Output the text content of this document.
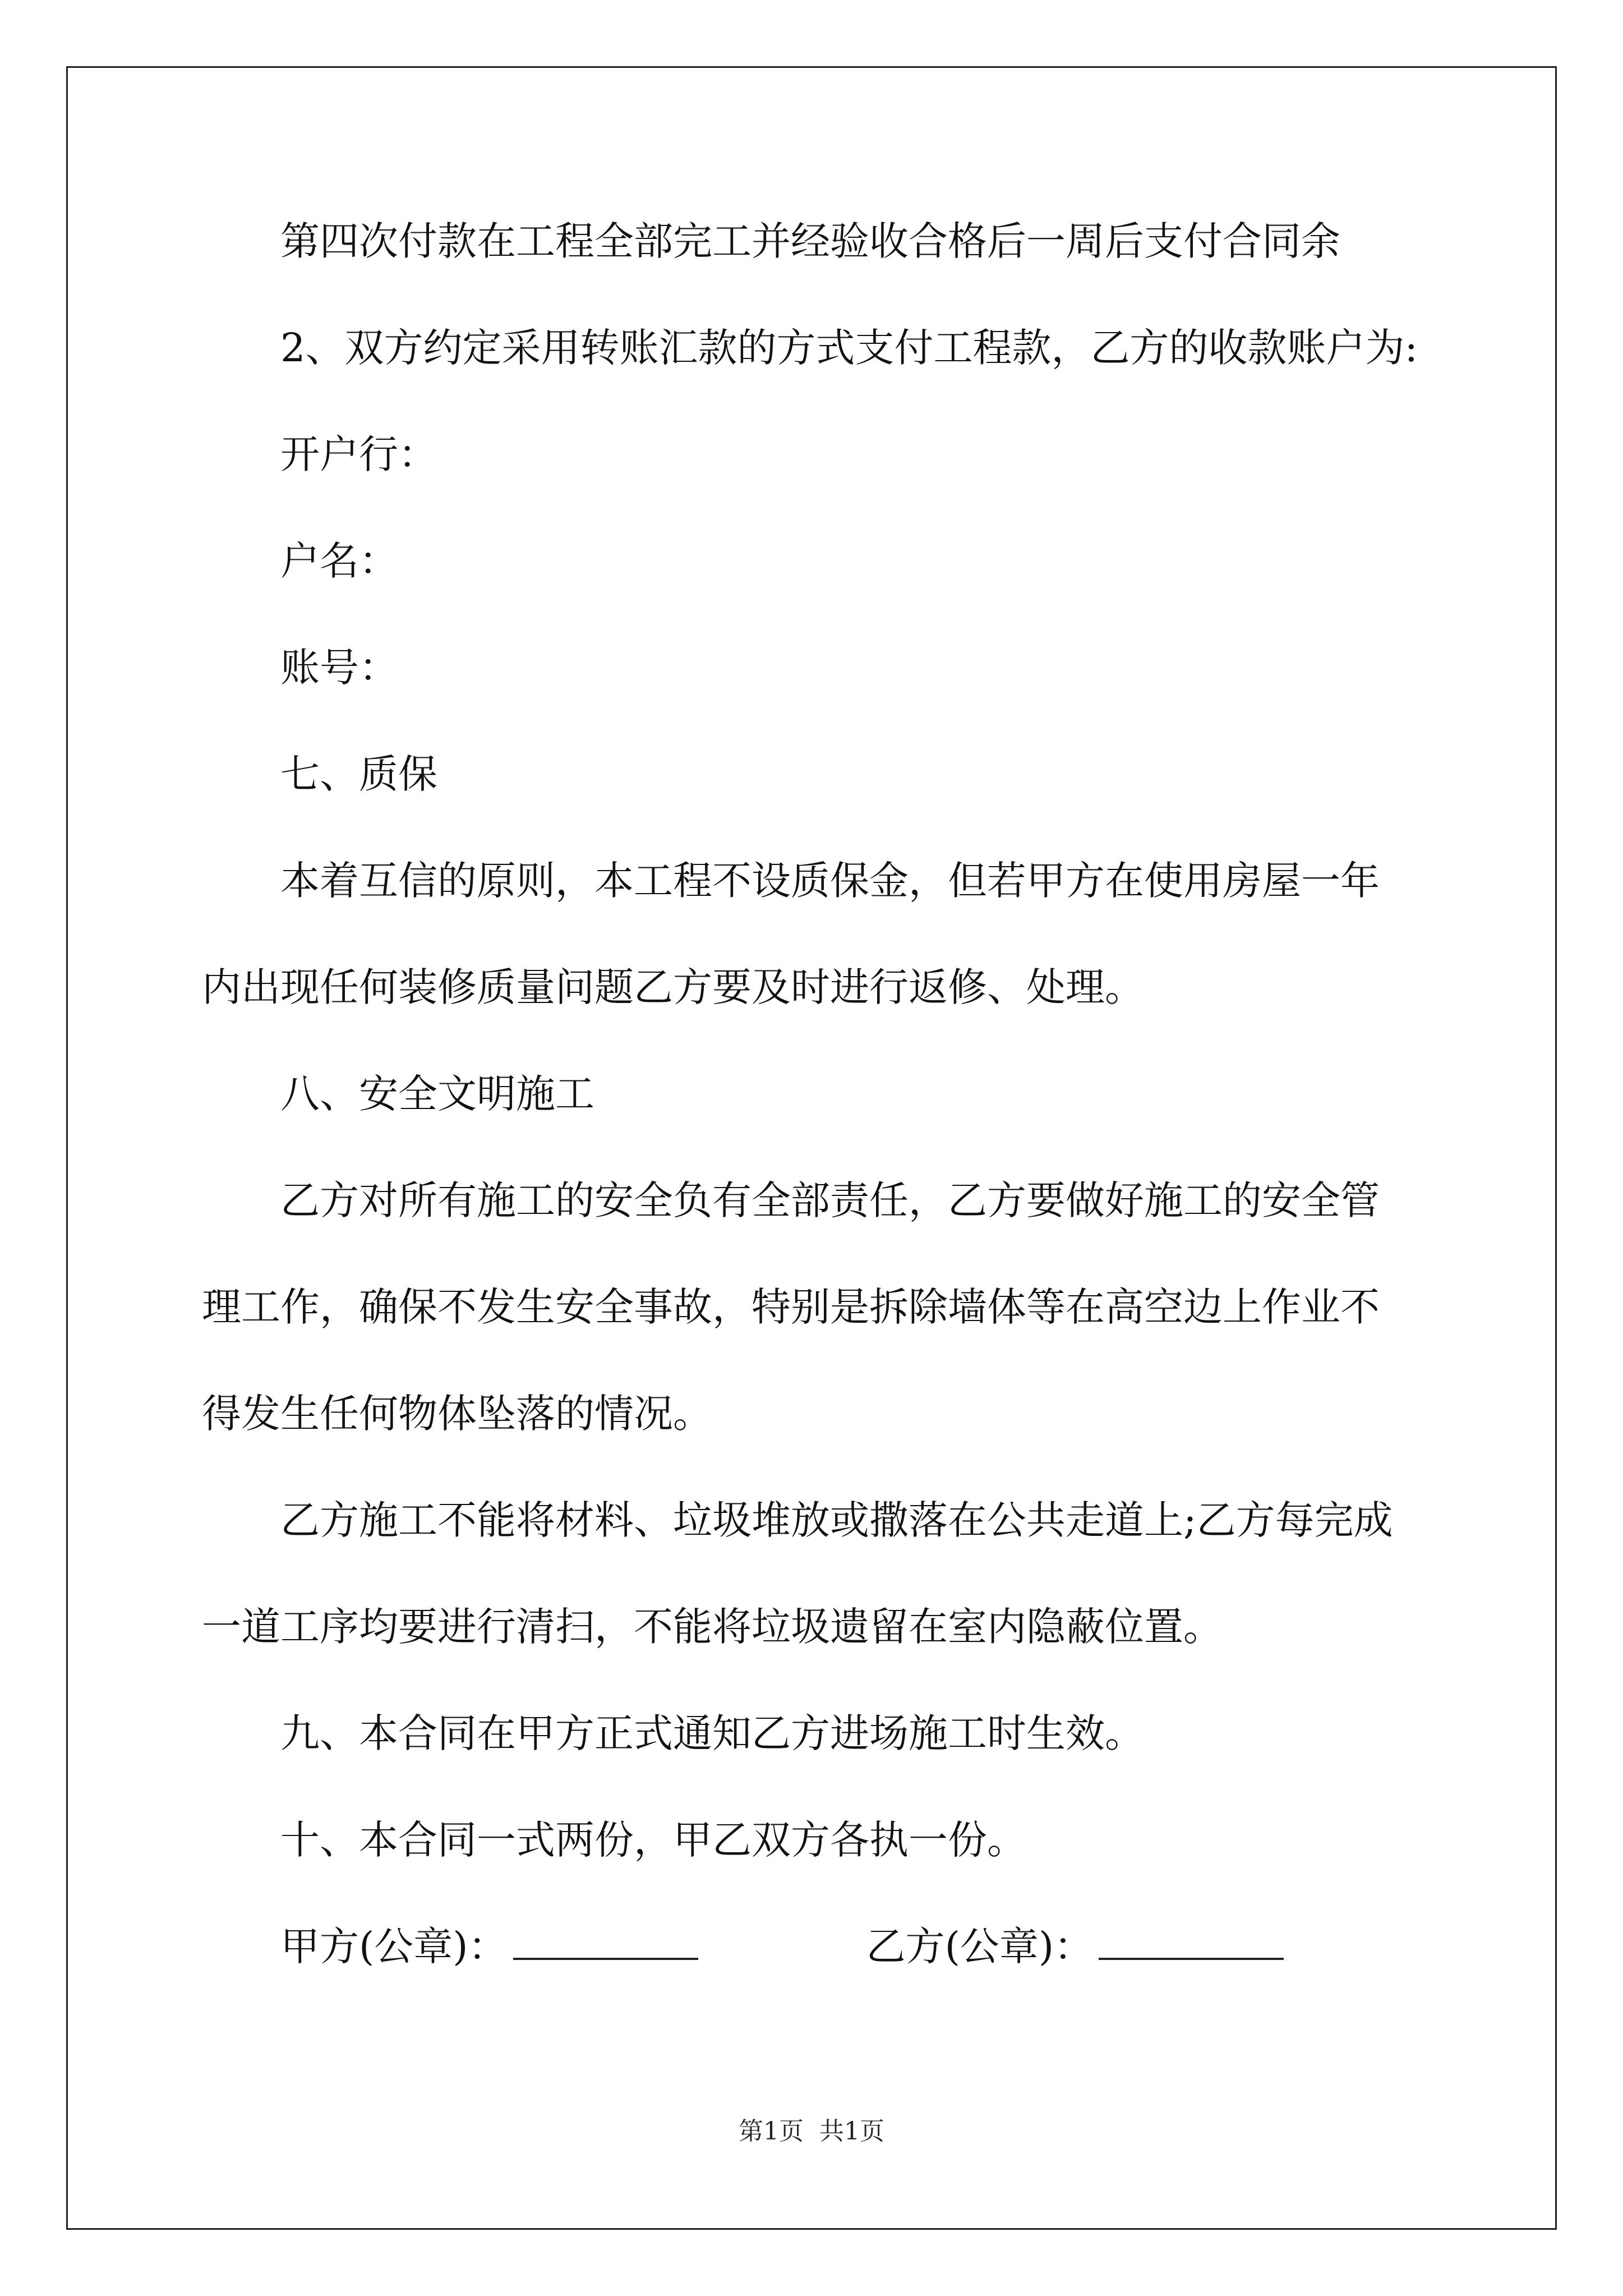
第四次付款在工程全部完工并经验收合格后一周后支付合同余
2、双方约定采用转账汇款的方式支付工程款，乙方的收款账户为:
开户行：
户名：
账号：
七、质保
本着互信的原则，本工程不设质保金，但若甲方在使用房屋一年
内出现任何装修质量问题乙方要及时进行返修、处理。
八、安全文明施工
乙方对所有施工的安全负有全部责任，乙方要做好施工的安全管
理工作，确保不发生安全事故，特别是拆除墙体等在高空边上作业不
得发生任何物体坠落的情况。
乙方施工不能将材料、垃圾堆放或撒落在公共走道上;乙方每完成
一道工序均要进行清扫，不能将垃圾遗留在室内隐蔽位置。
九、本合同在甲方正式通知乙方进场施工时生效。
十、本合同一式两份，甲乙双方各执一份。
甲方(公章)：	乙方(公章)：
第1页 共1页
